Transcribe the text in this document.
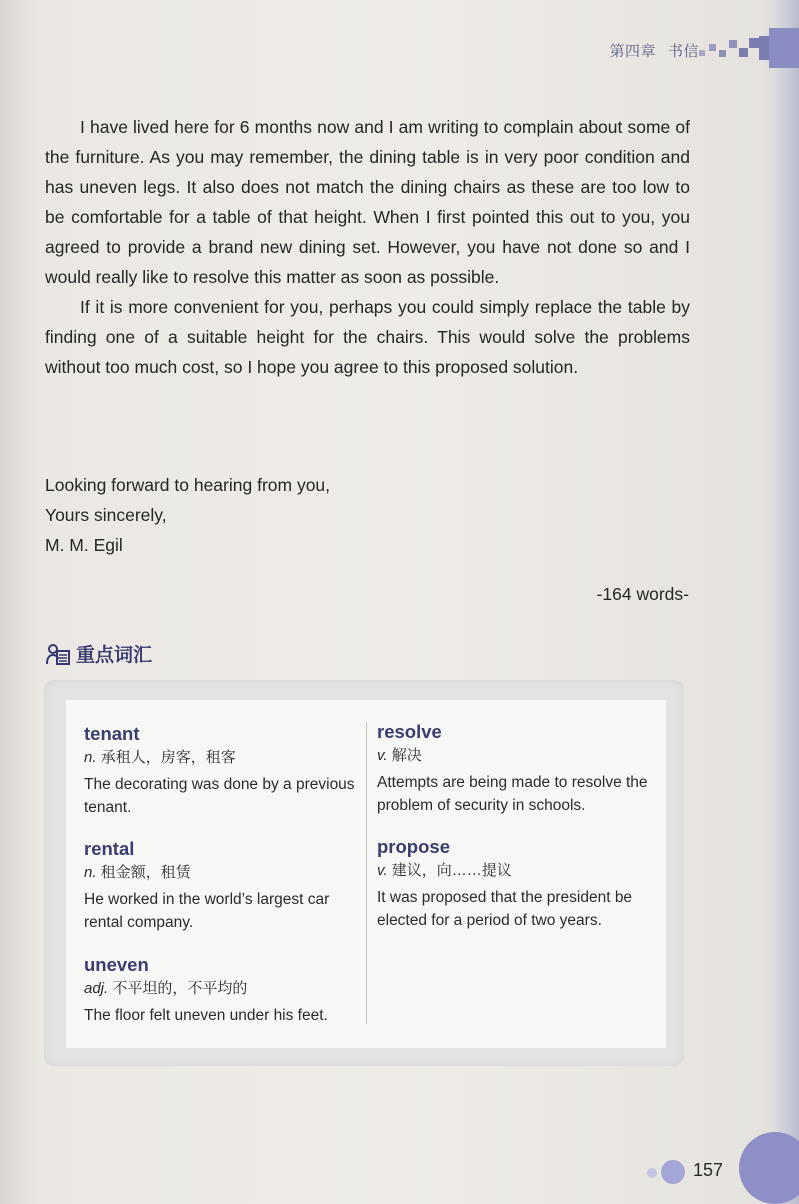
第四章 书信

I have lived here for 6 months now and I am writing to complain about some of the furniture. As you may remember, the dining table is in very poor condition and has uneven legs. It also does not match the dining chairs as these are too low to be comfortable for a table of that height. When I first pointed this out to you, you agreed to provide a brand new dining set. However, you have not done so and I would really like to resolve this matter as soon as possible.

If it is more convenient for you, perhaps you could simply replace the table by finding one of a suitable height for the chairs. This would solve the problems without too much cost, so I hope you agree to this proposed solution.

Looking forward to hearing from you,
Yours sincerely,
M. M. Egil
-164 words-
重点词汇
tenant
n. 承租人，房客，租客
The decorating was done by a previous tenant.
rental
n. 租金额，租赁
He worked in the world’s largest car rental company.
uneven
adj. 不平坦的，不平均的
The floor felt uneven under his feet.
resolve
v. 解决
Attempts are being made to resolve the problem of security in schools.
propose
v. 建议，向……提议
It was proposed that the president be elected for a period of two years.
157
